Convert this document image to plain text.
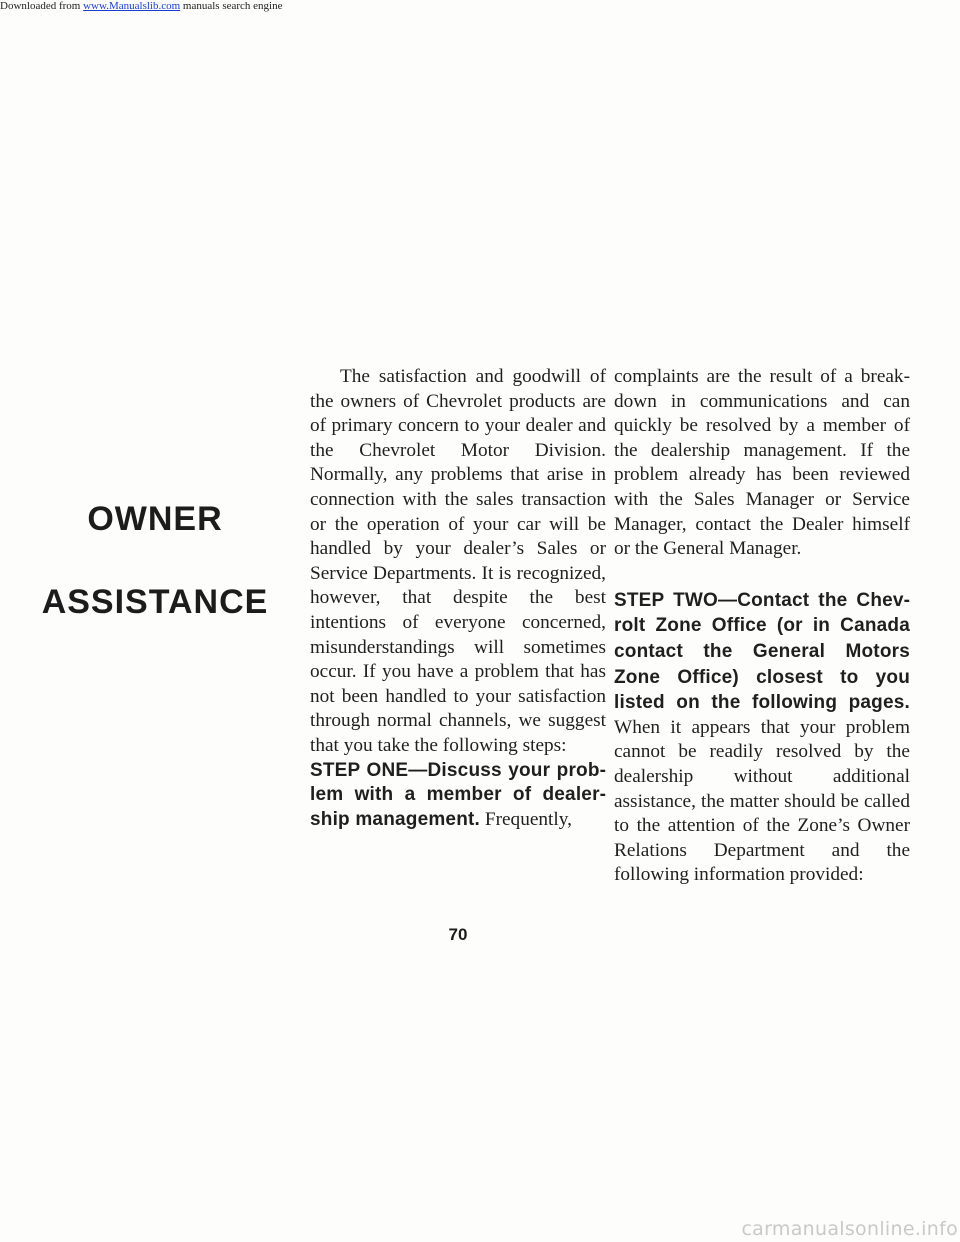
Downloaded from www.Manualslib.com manuals search engine
OWNER
ASSISTANCE

The satisfaction and goodwill of the owners of Chevrolet products are of primary concern to your dealer and the Chevrolet Motor Division. Normally, any problems that arise in connection with the sales transaction or the operation of your car will be handled by your dealer’s Sales or Service Departments. It is recognized, however, that despite the best intentions of everyone concerned, misunderstandings will sometimes occur. If you have a problem that has not been handled to your satisfaction through normal channels, we suggest that you take the following steps:

STEP ONE—Discuss your problem with a member of dealership management. Frequently,

complaints are the result of a breakdown in communications and can quickly be resolved by a member of the dealership management. If the problem already has been reviewed with the Sales Manager or Service Manager, contact the Dealer himself or the General Manager.

STEP TWO—Contact the Chevrolt Zone Office (or in Canada contact the General Motors Zone Office) closest to you listed on the following pages. When it appears that your problem cannot be readily resolved by the dealership without additional assistance, the matter should be called to the attention of the Zone’s Owner Relations Department and the following information provided:

70
carmanualsonline.info
